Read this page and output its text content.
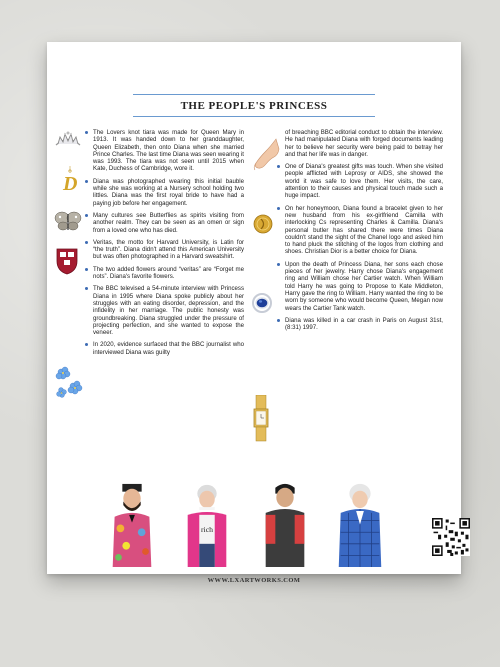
THE PEOPLE'S PRINCESS
D

The Lovers knot tiara was made for Queen Mary in 1913. It was handed down to her granddaughter, Queen Elizabeth, then onto Diana when she married Prince Charles. The last time Diana was seen wearing it was 1993. The tiara was not seen until 2015 when Kate, Duchess of Cambridge, wore it.

Diana was photographed wearing this initial bauble while she was working at a Nursery school holding two littles. Diana was the first royal bride to have had a paying job before her engagement.

Many cultures see Butterflies as spirits visiting from another realm. They can be seen as an omen or sign from a loved one who has died.

Veritas, the motto for Harvard University, is Latin for “the truth”. Diana didn't attend this American University but was often photographed in a Harvard sweatshirt.

The two added flowers around “veritas” are “Forget me nots”. Diana's favorite flowers.

The BBC televised a 54-minute interview with Princess Diana in 1995 where Diana spoke publicly about her struggles with an eating disorder, depression, and the infidelity in her marriage. The public honesty was groundbreaking. Diana struggled under the pressure of projecting perfection, and she wanted to expose the veneer.

In 2020, evidence surfaced that the BBC journalist who interviewed Diana was guilty

of breaching BBC editorial conduct to obtain the interview. He had manipulated Diana with forged documents leading her to believe her security were being paid to betray her and that her life was in danger.

One of Diana's greatest gifts was touch. When she visited people afflicted with Leprosy or AIDS, she showed the world it was safe to love them. Her visits, the care, attention to their causes and physical touch made such a huge impact.

On her honeymoon, Diana found a bracelet given to her new husband from his ex-girlfriend Camilla with interlocking Cs representing Charles & Camilla. Diana's personal butler has shared there were times Diana couldn't stand the sight of the Chanel logo and asked him to hand pluck the stitching of the logos from clothing and shoes. Christian Dior is a better choice for Diana.

Upon the death of Princess Diana, her sons each chose pieces of her jewelry. Harry chose Diana's engagement ring and William chose her Cartier watch. When William told Harry he was going to Propose to Kate Middleton, Harry gave the ring to William. Harry wanted the ring to be worn by someone who would become Queen, Megan now wears the Cartier Tank watch.

Diana was killed in a car crash in Paris on August 31st, (8:31) 1997.

rich
WWW.LXARTWORKS.COM
